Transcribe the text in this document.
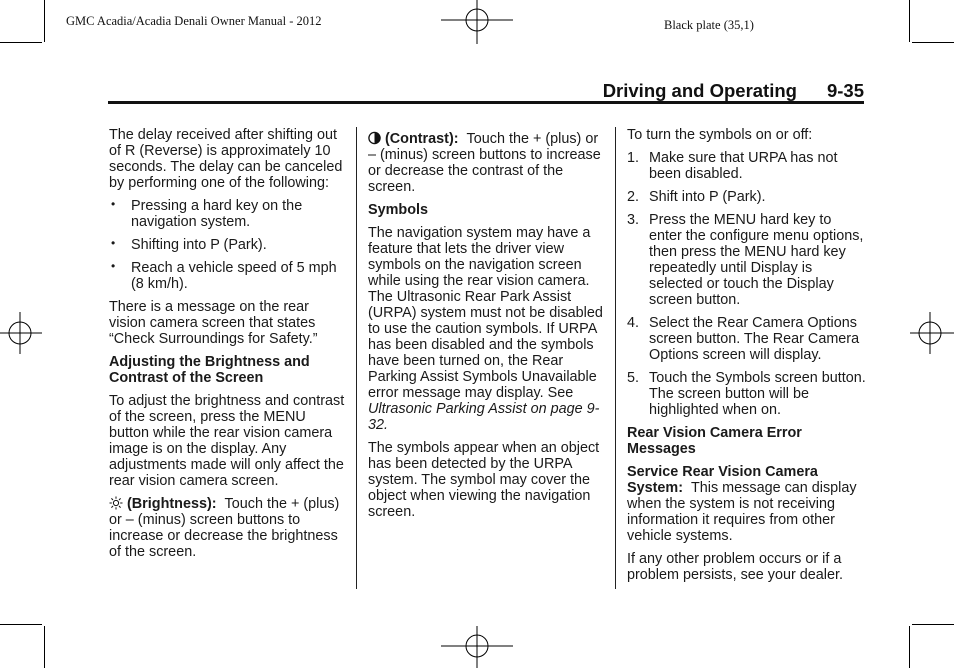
GMC Acadia/Acadia Denali Owner Manual - 2012	Black plate (35,1)
Driving and Operating 9-35

The delay received after shifting out of R (Reverse) is approximately 10 seconds. The delay can be canceled by performing one of the following:

• Pressing a hard key on the navigation system.
• Shifting into P (Park).
• Reach a vehicle speed of 5 mph (8 km/h).

There is a message on the rear vision camera screen that states “Check Surroundings for Safety.”

Adjusting the Brightness and Contrast of the Screen

To adjust the brightness and contrast of the screen, press the MENU button while the rear vision camera image is on the display. Any adjustments made will only affect the rear vision camera screen.

(Brightness): Touch the + (plus) or – (minus) screen buttons to increase or decrease the brightness of the screen.

(Contrast): Touch the + (plus) or – (minus) screen buttons to increase or decrease the contrast of the screen.

Symbols

The navigation system may have a feature that lets the driver view symbols on the navigation screen while using the rear vision camera. The Ultrasonic Rear Park Assist (URPA) system must not be disabled to use the caution symbols. If URPA has been disabled and the symbols have been turned on, the Rear Parking Assist Symbols Unavailable error message may display. See Ultrasonic Parking Assist on page 9-32.

The symbols appear when an object has been detected by the URPA system. The symbol may cover the object when viewing the navigation screen.

To turn the symbols on or off:

1. Make sure that URPA has not been disabled.
2. Shift into P (Park).
3. Press the MENU hard key to enter the configure menu options, then press the MENU hard key repeatedly until Display is selected or touch the Display screen button.
4. Select the Rear Camera Options screen button. The Rear Camera Options screen will display.
5. Touch the Symbols screen button. The screen button will be highlighted when on.

Rear Vision Camera Error Messages

Service Rear Vision Camera
System: This message can display when the system is not receiving information it requires from other vehicle systems.

If any other problem occurs or if a problem persists, see your dealer.
